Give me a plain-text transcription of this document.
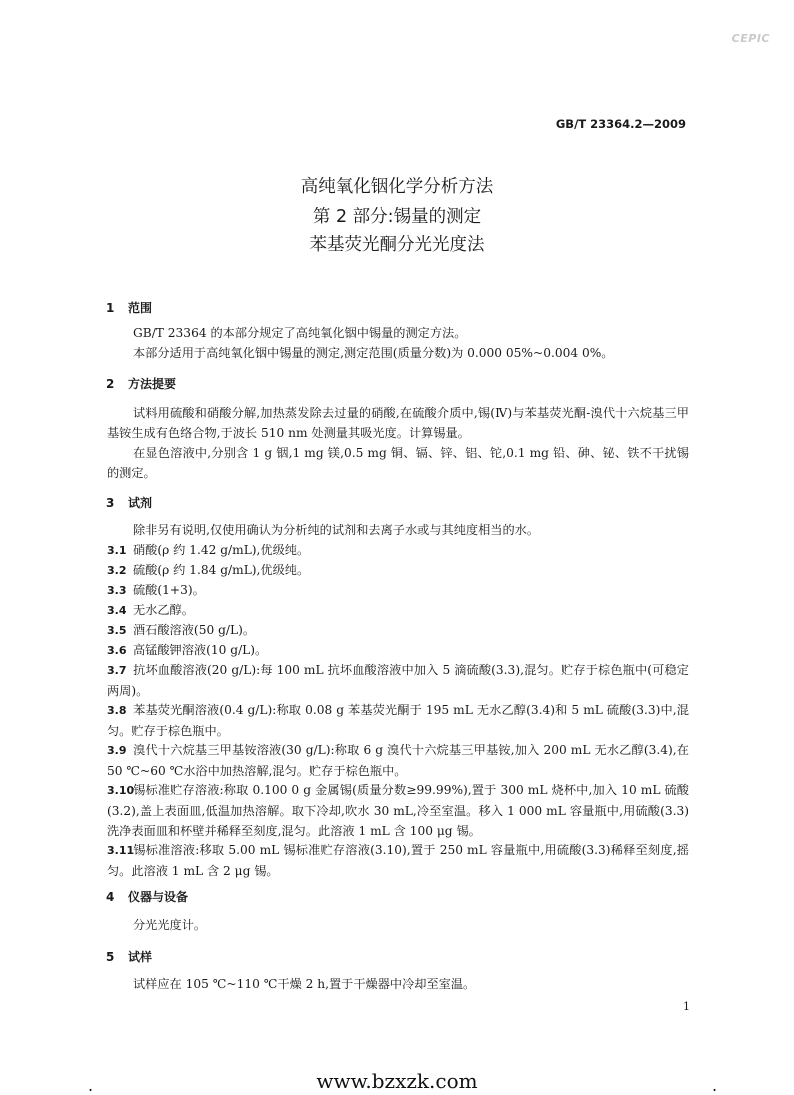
CEPIC
GB/T 23364.2—2009
高纯氧化铟化学分析方法
第 2 部分:锡量的测定
苯基荧光酮分光光度法
1 范围

GB/T 23364 的本部分规定了高纯氧化铟中锡量的测定方法。

本部分适用于高纯氧化铟中锡量的测定,测定范围(质量分数)为 0.000 05%~0.004 0%。

2 方法提要

试料用硫酸和硝酸分解,加热蒸发除去过量的硝酸,在硫酸介质中,锡(Ⅳ)与苯基荧光酮-溴代十六烷基三甲基铵生成有色络合物,于波长 510 nm 处测量其吸光度。计算锡量。

在显色溶液中,分别含 1 g 铟,1 mg 镁,0.5 mg 铜、镉、锌、铝、铊,0.1 mg 铅、砷、铋、铁不干扰锡的测定。

3 试剂

除非另有说明,仅使用确认为分析纯的试剂和去离子水或与其纯度相当的水。

3.1 硝酸(ρ 约 1.42 g/mL),优级纯。

3.2 硫酸(ρ 约 1.84 g/mL),优级纯。

3.3 硫酸(1+3)。

3.4 无水乙醇。

3.5 酒石酸溶液(50 g/L)。

3.6 高锰酸钾溶液(10 g/L)。

3.7 抗坏血酸溶液(20 g/L):每 100 mL 抗坏血酸溶液中加入 5 滴硫酸(3.3),混匀。贮存于棕色瓶中(可稳定两周)。

3.8 苯基荧光酮溶液(0.4 g/L):称取 0.08 g 苯基荧光酮于 195 mL 无水乙醇(3.4)和 5 mL 硫酸(3.3)中,混匀。贮存于棕色瓶中。

3.9 溴代十六烷基三甲基铵溶液(30 g/L):称取 6 g 溴代十六烷基三甲基铵,加入 200 mL 无水乙醇(3.4),在 50 ℃~60 ℃水浴中加热溶解,混匀。贮存于棕色瓶中。

3.10锡标准贮存溶液:称取 0.100 0 g 金属锡(质量分数≥99.99%),置于 300 mL 烧杯中,加入 10 mL 硫酸(3.2),盖上表面皿,低温加热溶解。取下冷却,吹水 30 mL,冷至室温。移入 1 000 mL 容量瓶中,用硫酸(3.3)洗净表面皿和杯壁并稀释至刻度,混匀。此溶液 1 mL 含 100 μg 锡。

3.11锡标准溶液:移取 5.00 mL 锡标准贮存溶液(3.10),置于 250 mL 容量瓶中,用硫酸(3.3)稀释至刻度,摇匀。此溶液 1 mL 含 2 μg 锡。

4 仪器与设备

分光光度计。

5 试样

试样应在 105 ℃~110 ℃干燥 2 h,置于干燥器中冷却至室温。

1
.	www.bzxzk.com	.
